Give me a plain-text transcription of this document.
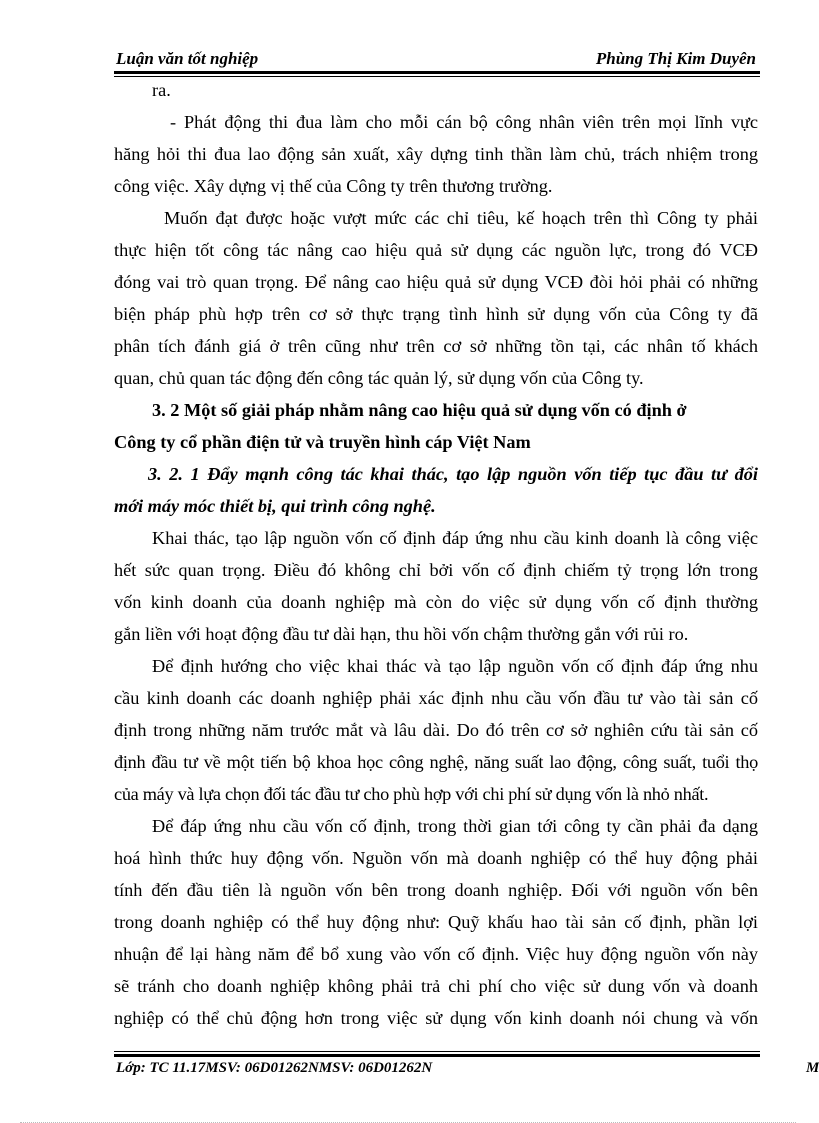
Luận văn tốt nghiệp	Phùng Thị Kim Duyên
ra.
- Phát động thi đua làm cho mỗi cán bộ công nhân viên trên mọi lĩnh vực
hăng hỏi thi đua lao động sản xuất, xây dựng tinh thần làm chủ, trách nhiệm trong
công việc. Xây dựng vị thế của Công ty trên thương trường.
Muốn đạt được hoặc vượt mức các chỉ tiêu, kế hoạch trên thì Công ty phải
thực hiện tốt công tác nâng cao hiệu quả sử dụng các nguồn lực, trong đó VCĐ
đóng vai trò quan trọng. Để nâng cao hiệu quả sử dụng VCĐ đòi hỏi phải có những
biện pháp phù hợp trên cơ sở thực trạng tình hình sử dụng vốn của Công ty đã
phân tích đánh giá ở trên cũng như trên cơ sở những tồn tại, các nhân tố khách
quan, chủ quan tác động đến công tác quản lý, sử dụng vốn của Công ty.
3. 2 Một số giải pháp nhằm nâng cao hiệu quả sử dụng vốn có định ở
Công ty cổ phần điện tử và truyền hình cáp Việt Nam
3. 2. 1 Đẩy mạnh công tác khai thác, tạo lập nguồn vốn tiếp tục đầu tư đổi
mới máy móc thiết bị, qui trình công nghệ.
Khai thác, tạo lập nguồn vốn cố định đáp ứng nhu cầu kinh doanh là công việc
hết sức quan trọng. Điều đó không chỉ bởi vốn cố định chiếm tỷ trọng lớn trong
vốn kinh doanh của doanh nghiệp mà còn do việc sử dụng vốn cố định thường
gắn liền với hoạt động đầu tư dài hạn, thu hồi vốn chậm thường gắn với rủi ro.
Để định hướng cho việc khai thác và tạo lập nguồn vốn cố định đáp ứng nhu
cầu kinh doanh các doanh nghiệp phải xác định nhu cầu vốn đầu tư vào tài sản cố
định trong những năm trước mắt và lâu dài. Do đó trên cơ sở nghiên cứu tài sản cố
định đầu tư về một tiến bộ khoa học công nghệ, năng suất lao động, công suất, tuổi thọ
của máy và lựa chọn đối tác đầu tư cho phù hợp với chi phí sử dụng vốn là nhỏ nhất.
Để đáp ứng nhu cầu vốn cố định, trong thời gian tới công ty cần phải đa dạng
hoá hình thức huy động vốn. Nguồn vốn mà doanh nghiệp có thể huy động phải
tính đến đầu tiên là nguồn vốn bên trong doanh nghiệp. Đối với nguồn vốn bên
trong doanh nghiệp có thể huy động như: Quỹ khấu hao tài sản cố định, phần lợi
nhuận để lại hàng năm để bổ xung vào vốn cố định. Việc huy động nguồn vốn này
sẽ tránh cho doanh nghiệp không phải trả chi phí cho việc sử dung vốn và doanh
nghiệp có thể chủ động hơn trong việc sử dụng vốn kinh doanh nói chung và vốn
Lớp: TC 11.17MSV: 06D01262NMSV: 06D01262N	M
